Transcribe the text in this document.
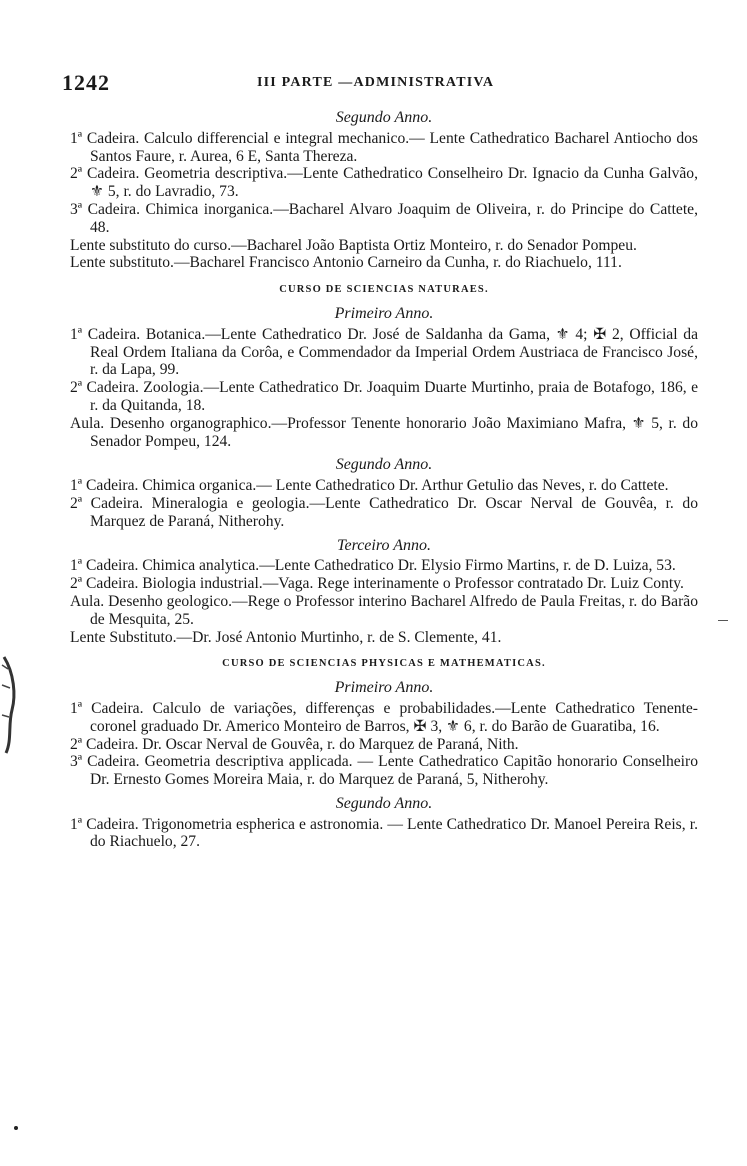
1242	III PARTE —ADMINISTRATIVA

Segundo Anno.

1ª Cadeira. Calculo differencial e integral mechanico.— Lente Cathedratico Bacharel Antiocho dos Santos Faure, r. Aurea, 6 E, Santa Thereza.

2ª Cadeira. Geometria descriptiva.—Lente Cathedratico Conselheiro Dr. Ignacio da Cunha Galvão, ⚜ 5, r. do Lavradio, 73.

3ª Cadeira. Chimica inorganica.—Bacharel Alvaro Joaquim de Oliveira, r. do Principe do Cattete, 48.

Lente substituto do curso.—Bacharel João Baptista Ortiz Monteiro, r. do Senador Pompeu.

Lente substituto.—Bacharel Francisco Antonio Carneiro da Cunha, r. do Riachuelo, 111.

CURSO DE SCIENCIAS NATURAES.

Primeiro Anno.

1ª Cadeira. Botanica.—Lente Cathedratico Dr. José de Saldanha da Gama, ⚜ 4; ✠ 2, Official da Real Ordem Italiana da Corôa, e Commendador da Imperial Ordem Austriaca de Francisco José, r. da Lapa, 99.

2ª Cadeira. Zoologia.—Lente Cathedratico Dr. Joaquim Duarte Murtinho, praia de Botafogo, 186, e r. da Quitanda, 18.

Aula. Desenho organographico.—Professor Tenente honorario João Maximiano Mafra, ⚜ 5, r. do Senador Pompeu, 124.

Segundo Anno.

1ª Cadeira. Chimica organica.— Lente Cathedratico Dr. Arthur Getulio das Neves, r. do Cattete.

2ª Cadeira. Mineralogia e geologia.—Lente Cathedratico Dr. Oscar Nerval de Gouvêa, r. do Marquez de Paraná, Nitherohy.

Terceiro Anno.

1ª Cadeira. Chimica analytica.—Lente Cathedratico Dr. Elysio Firmo Martins, r. de D. Luiza, 53.

2ª Cadeira. Biologia industrial.—Vaga. Rege interinamente o Professor contratado Dr. Luiz Conty.

Aula. Desenho geologico.—Rege o Professor interino Bacharel Alfredo de Paula Freitas, r. do Barão de Mesquita, 25.

Lente Substituto.—Dr. José Antonio Murtinho, r. de S. Clemente, 41.

CURSO DE SCIENCIAS PHYSICAS E MATHEMATICAS.

Primeiro Anno.

1ª Cadeira. Calculo de variações, differenças e probabilidades.—Lente Cathedratico Tenente-coronel graduado Dr. Americo Monteiro de Barros, ✠ 3, ⚜ 6, r. do Barão de Guaratiba, 16.

2ª Cadeira. Dr. Oscar Nerval de Gouvêa, r. do Marquez de Paraná, Nith.

3ª Cadeira. Geometria descriptiva applicada. — Lente Cathedratico Capitão honorario Conselheiro Dr. Ernesto Gomes Moreira Maia, r. do Marquez de Paraná, 5, Nitherohy.

Segundo Anno.

1ª Cadeira. Trigonometria espherica e astronomia. — Lente Cathedratico Dr. Manoel Pereira Reis, r. do Riachuelo, 27.
